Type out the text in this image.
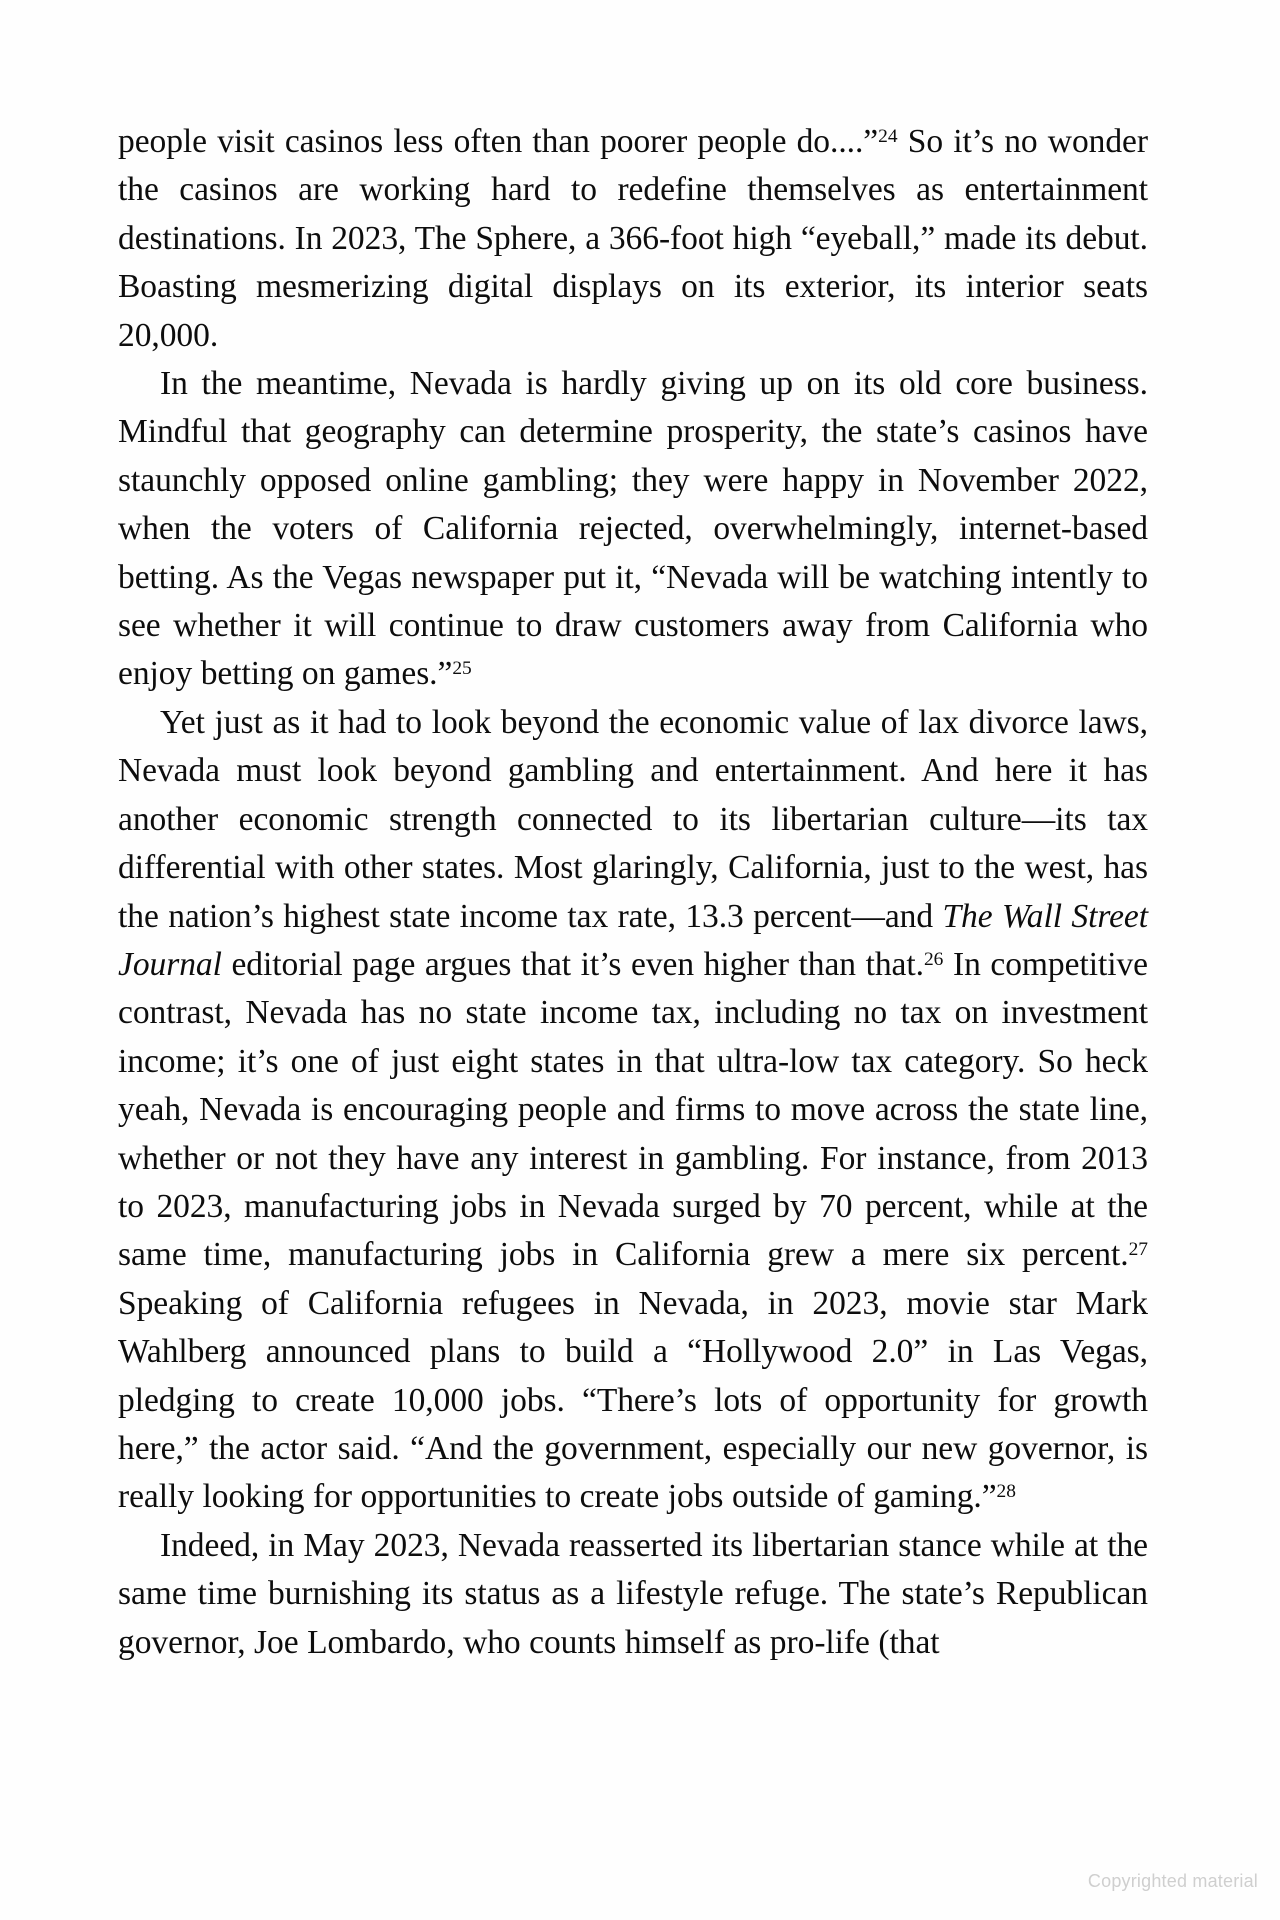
people visit casinos less often than poorer people do....”$^{24}$ So it’s no wonder the casinos are working hard to redefine themselves as entertainment destinations. In 2023, The Sphere, a 366-foot high “eyeball,” made its debut. Boasting mesmerizing digital displays on its exterior, its interior seats 20,000.

In the meantime, Nevada is hardly giving up on its old core business. Mindful that geography can determine prosperity, the state’s casinos have staunchly opposed online gambling; they were happy in November 2022, when the voters of California rejected, overwhelmingly, internet-based betting. As the Vegas newspaper put it, “Nevada will be watching intently to see whether it will continue to draw customers away from California who enjoy betting on games.”$^{25}$

Yet just as it had to look beyond the economic value of lax divorce laws, Nevada must look beyond gambling and entertainment. And here it has another economic strength connected to its libertarian culture—its tax differential with other states. Most glaringly, California, just to the west, has the nation’s highest state income tax rate, 13.3 percent—and The Wall Street Journal editorial page argues that it’s even higher than that.$^{26}$ In competitive contrast, Nevada has no state income tax, including no tax on investment income; it’s one of just eight states in that ultra-low tax category. So heck yeah, Nevada is encouraging people and firms to move across the state line, whether or not they have any interest in gambling. For instance, from 2013 to 2023, manufacturing jobs in Nevada surged by 70 percent, while at the same time, manufacturing jobs in California grew a mere six percent.$^{27}$ Speaking of California refugees in Nevada, in 2023, movie star Mark Wahlberg announced plans to build a “Hollywood 2.0” in Las Vegas, pledging to create 10,000 jobs. “There’s lots of opportunity for growth here,” the actor said. “And the government, especially our new governor, is really looking for opportunities to create jobs outside of gaming.”$^{28}$

Indeed, in May 2023, Nevada reasserted its libertarian stance while at the same time burnishing its status as a lifestyle refuge. The state’s Republican governor, Joe Lombardo, who counts himself as pro-life (that

Copyrighted material
